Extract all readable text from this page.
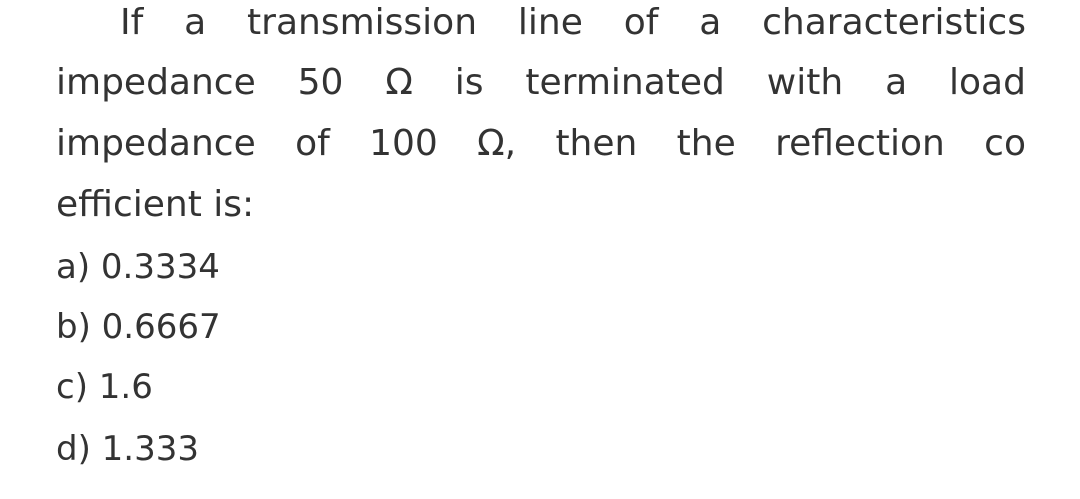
If a transmission line of a characteristics
impedance 50 Ω is terminated with a load
impedance of 100 Ω, then the reflection co
efficient is:
a) 0.3334
b) 0.6667
c) 1.6
d) 1.333
